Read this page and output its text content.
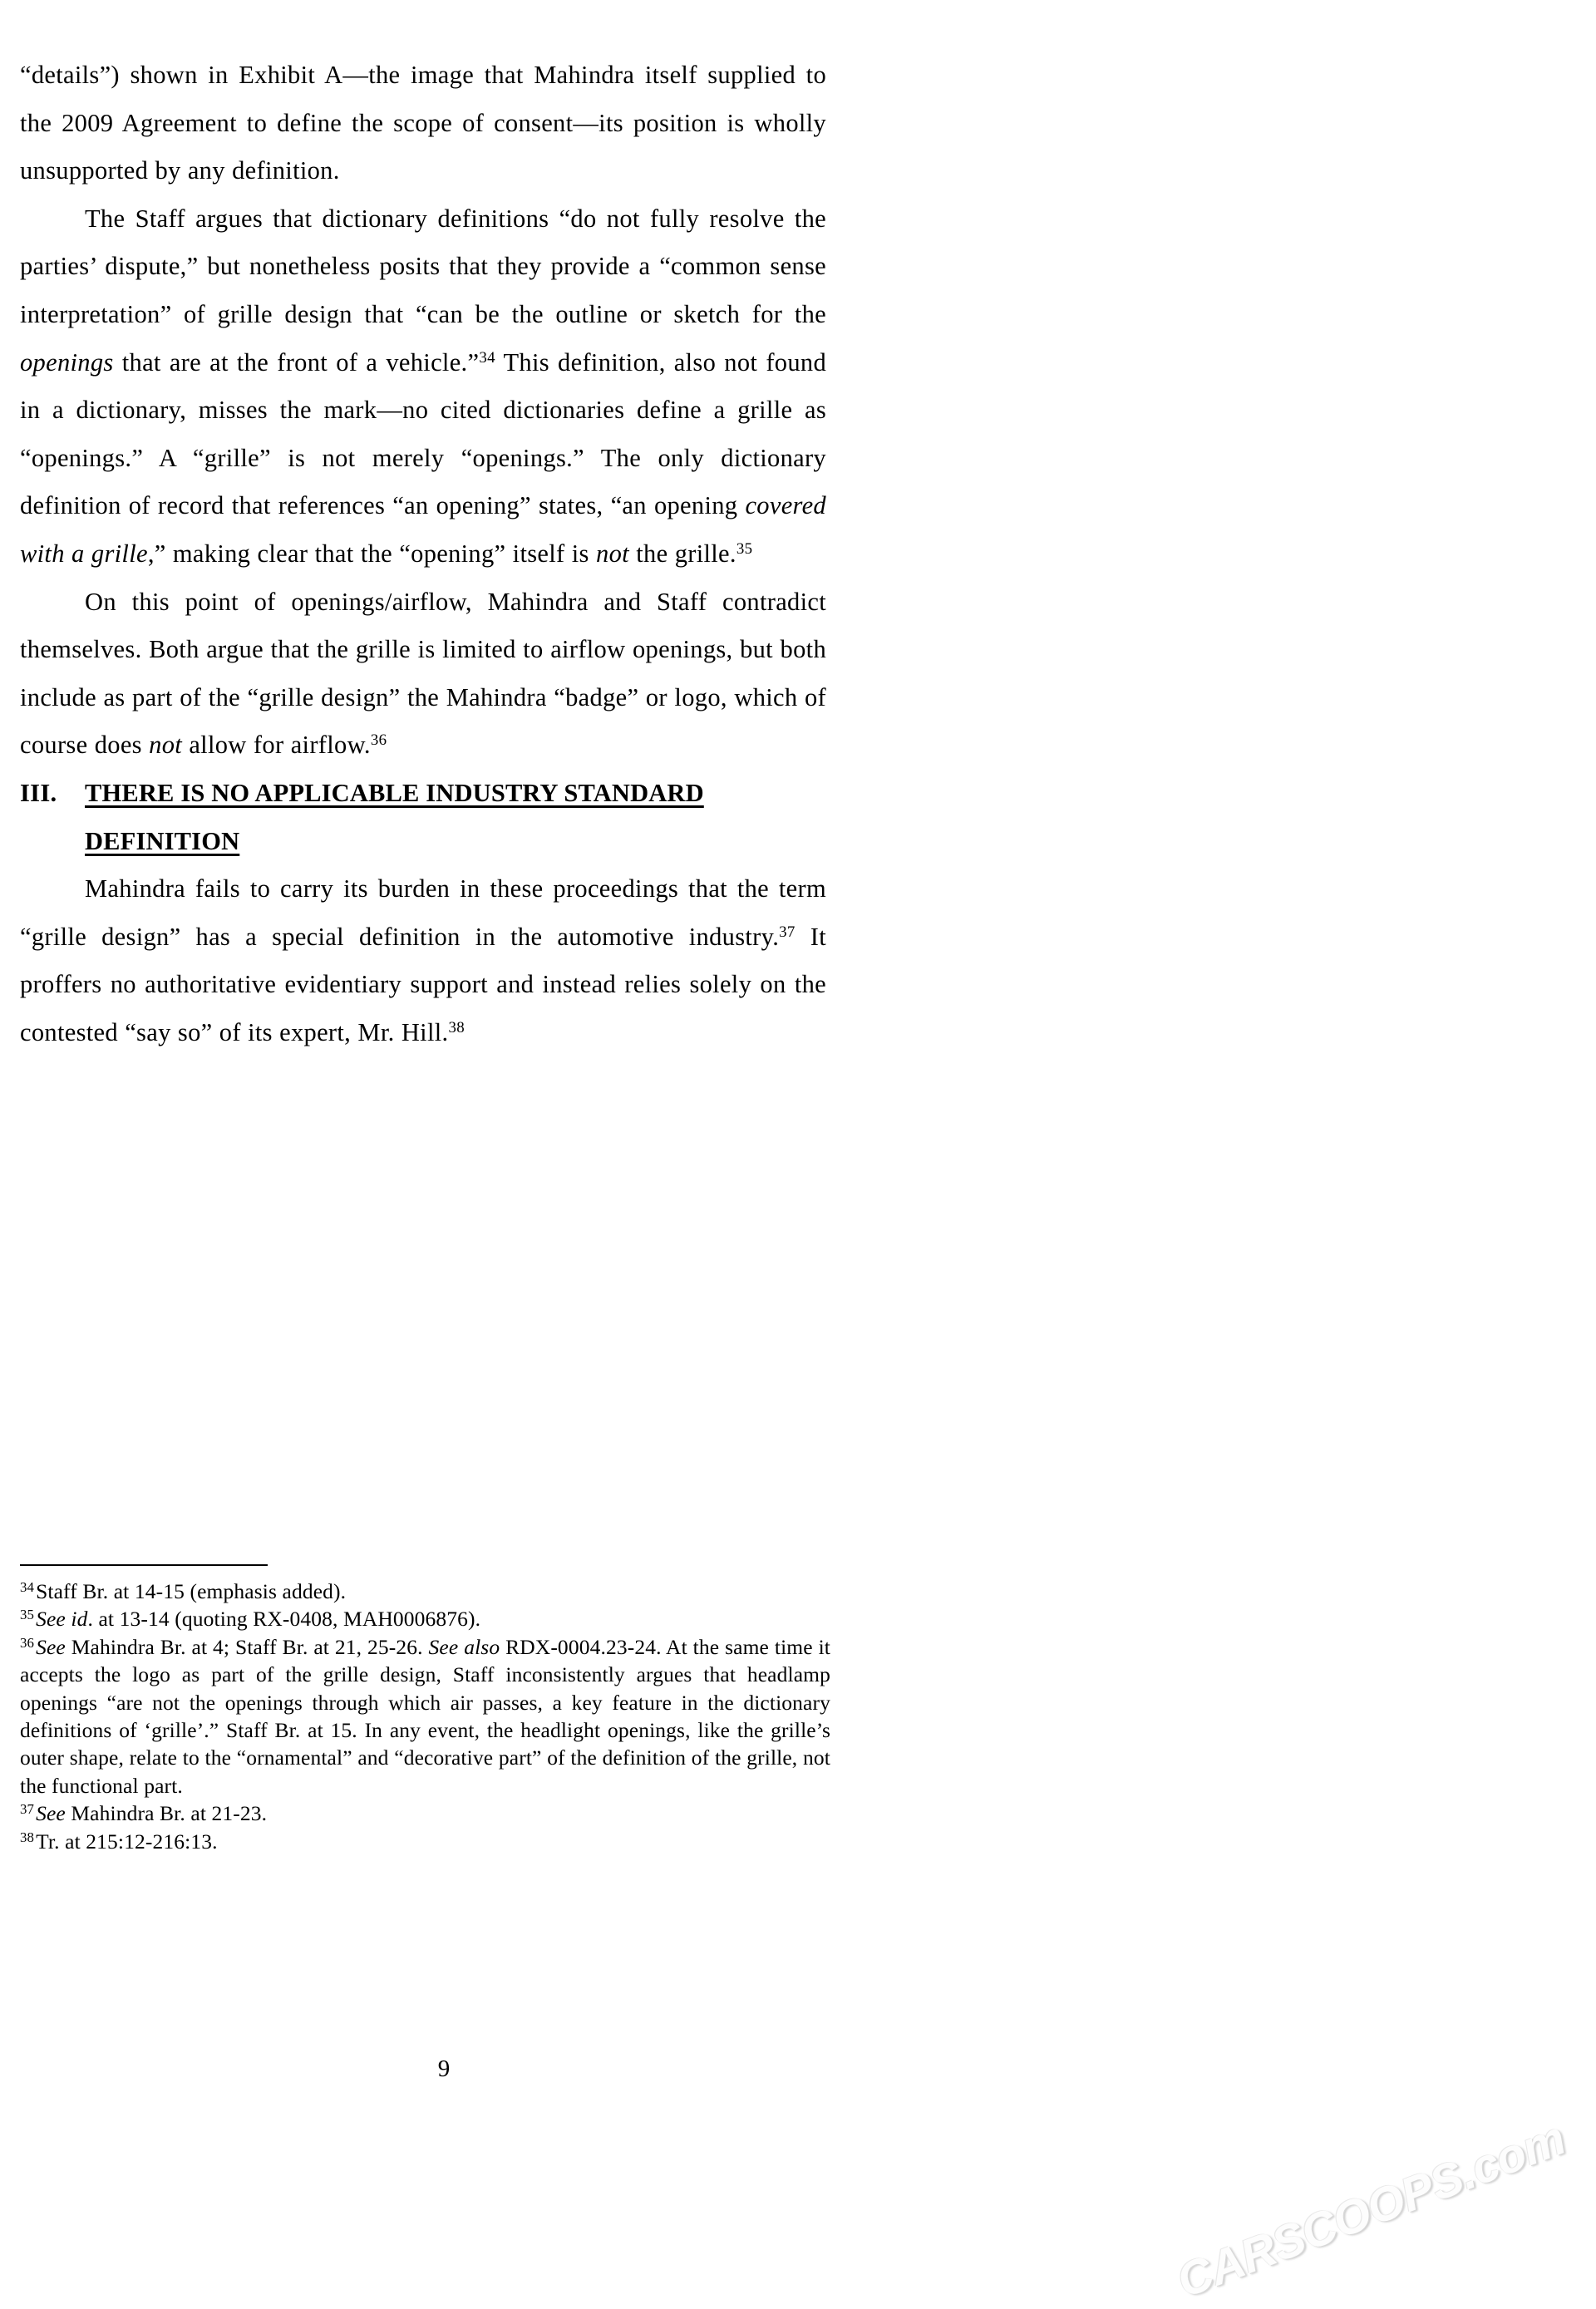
“details”) shown in Exhibit A—the image that Mahindra itself supplied to the 2009 Agreement to define the scope of consent—its position is wholly unsupported by any definition.

The Staff argues that dictionary definitions “do not fully resolve the parties’ dispute,” but nonetheless posits that they provide a “common sense interpretation” of grille design that “can be the outline or sketch for the openings that are at the front of a vehicle.”$^{34}$ This definition, also not found in a dictionary, misses the mark—no cited dictionaries define a grille as “openings.” A “grille” is not merely “openings.” The only dictionary definition of record that references “an opening” states, “an opening covered with a grille,” making clear that the “opening” itself is not the grille.$^{35}$

On this point of openings/airflow, Mahindra and Staff contradict themselves. Both argue that the grille is limited to airflow openings, but both include as part of the “grille design” the Mahindra “badge” or logo, which of course does not allow for airflow.$^{36}$

III.	THERE IS NO APPLICABLE INDUSTRY STANDARD DEFINITION

Mahindra fails to carry its burden in these proceedings that the term “grille design” has a special definition in the automotive industry.$^{37}$ It proffers no authoritative evidentiary support and instead relies solely on the contested “say so” of its expert, Mr. Hill.$^{38}$

$^{34}$Staff Br. at 14-15 (emphasis added).

$^{35}$See id. at 13-14 (quoting RX-0408, MAH0006876).

$^{36}$See Mahindra Br. at 4; Staff Br. at 21, 25-26. See also RDX-0004.23-24. At the same time it accepts the logo as part of the grille design, Staff inconsistently argues that headlamp openings “are not the openings through which air passes, a key feature in the dictionary definitions of ‘grille’.” Staff Br. at 15. In any event, the headlight openings, like the grille’s outer shape, relate to the “ornamental” and “decorative part” of the definition of the grille, not the functional part.

$^{37}$See Mahindra Br. at 21-23.

$^{38}$Tr. at 215:12-216:13.

9
CARSCOOPS.com
